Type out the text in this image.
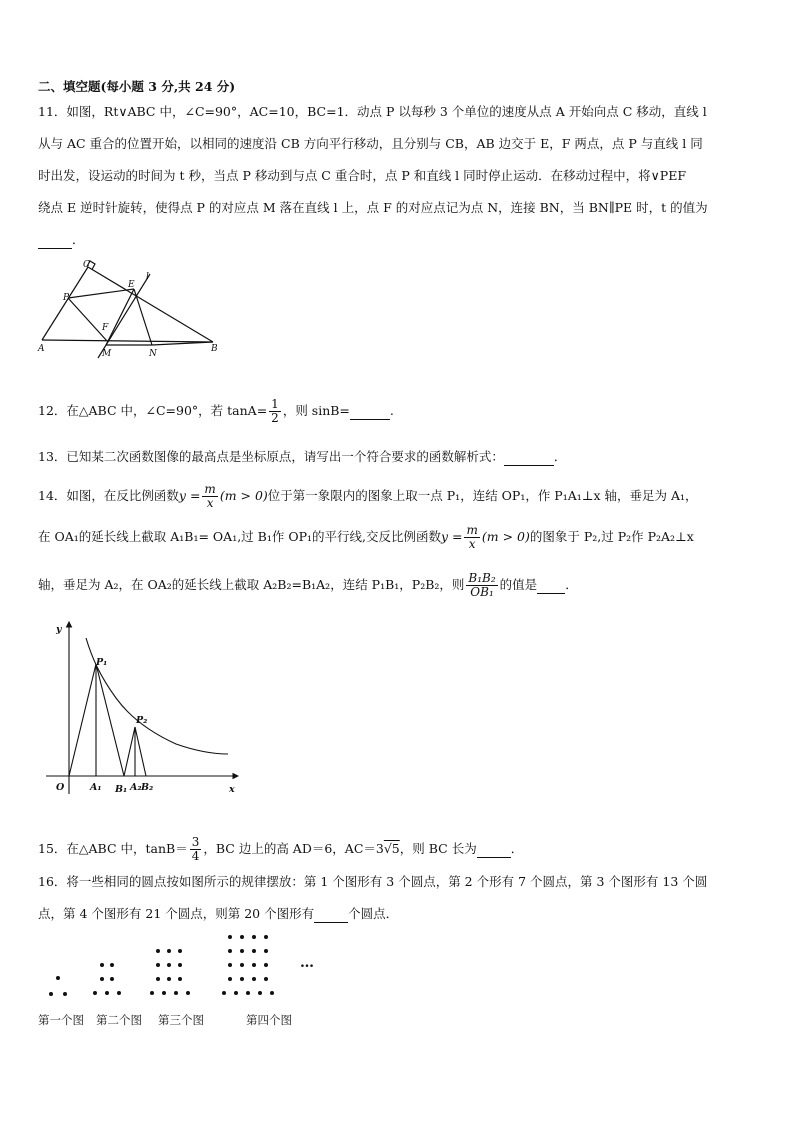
二、填空题(每小题 3 分,共 24 分)
11．如图，Rt∨ABC 中，∠C=90°，AC=10，BC=1．动点 P 以每秒 3 个单位的速度从点 A 开始向点 C 移动，直线 l
从与 AC 重合的位置开始，以相同的速度沿 CB 方向平行移动，且分别与 CB，AB 边交于 E，F 两点，点 P 与直线 l 同
时出发，设运动的时间为 t 秒，当点 P 移动到与点 C 重合时，点 P 和直线 l 同时停止运动．在移动过程中，将∨PEF
绕点 E 逆时针旋转，使得点 P 的对应点 M 落在直线 l 上，点 F 的对应点记为点 N，连接 BN，当 BN∥PE 时，t 的值为
．
C
E
l
P
F
A	M	N	B
12．在△ABC 中，∠C=90°，若 $\tan A= \frac{1}{2}$ ，则 sinB=	.
13．已知某二次函数图像的最高点是坐标原点，请写出一个符合要求的函数解析式：	．
14．如图，在反比例函数$y = \frac{m}{x} (m > 0)$位于第一象限内的图象上取一点 P₁，连结 OP₁，作 P₁A₁⊥x 轴，垂足为 A₁，
在 OA₁的延长线上截取 A₁B₁= OA₁,过 B₁作 OP₁的平行线,交反比例函数$y = \frac{m}{x} (m > 0)$的图象于 P₂,过 P₂作 P₂A₂⊥x
轴，垂足为 A₂，在 OA₂的延长线上截取 A₂B₂=B₁A₂，连结 P₁B₁，P₂B₂，则 $\frac{\text{B₁B₂}}{\text{OB₁}}$ 的值是 ．
y
P₁
P₂
O	A₁ B₁ A₂ B₂	x
15．在△ABC 中，$\tan B= \frac{3}{4}$ ，BC 边上的高 AD＝6，AC＝3√5，则 BC 长为	．
16．将一些相同的圆点按如图所示的规律摆放：第 1 个图形有 3 个圆点，第 2 个形有 7 个圆点，第 3 个图形有 13 个圆
点，第 4 个图形有 21 个圆点，则第 20 个图形有	个圆点．
…
第一个图 第二个图 第三个图	第四个图
